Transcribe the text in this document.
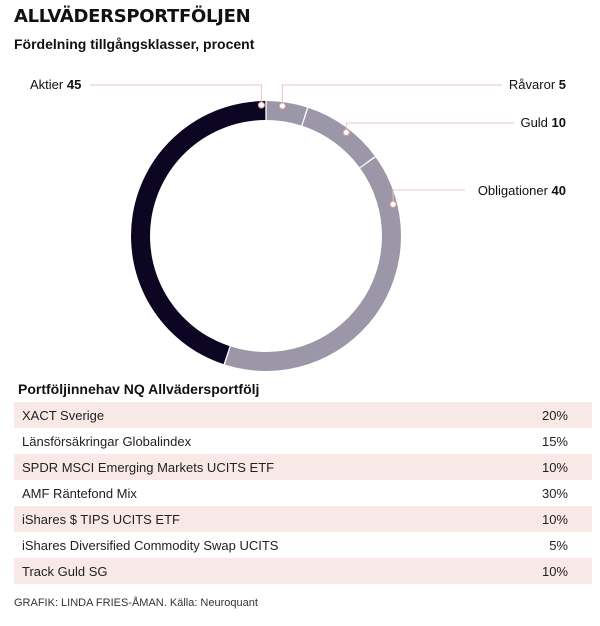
ALLVÄDERSPORTFÖLJEN
Fördelning tillgångsklasser, procent
Råvaror 5
Guld 10
Obligationer 40
Aktier 45
Portföljinnehav NQ Allvädersportfölj
XACT Sverige	20%
Länsförsäkringar Globalindex	15%
SPDR MSCI Emerging Markets UCITS ETF	10%
AMF Räntefond Mix	30%
iShares $ TIPS UCITS ETF	10%
iShares Diversified Commodity Swap UCITS	5%
Track Guld SG	10%
GRAFIK: LINDA FRIES-ÅMAN. Källa: Neuroquant
